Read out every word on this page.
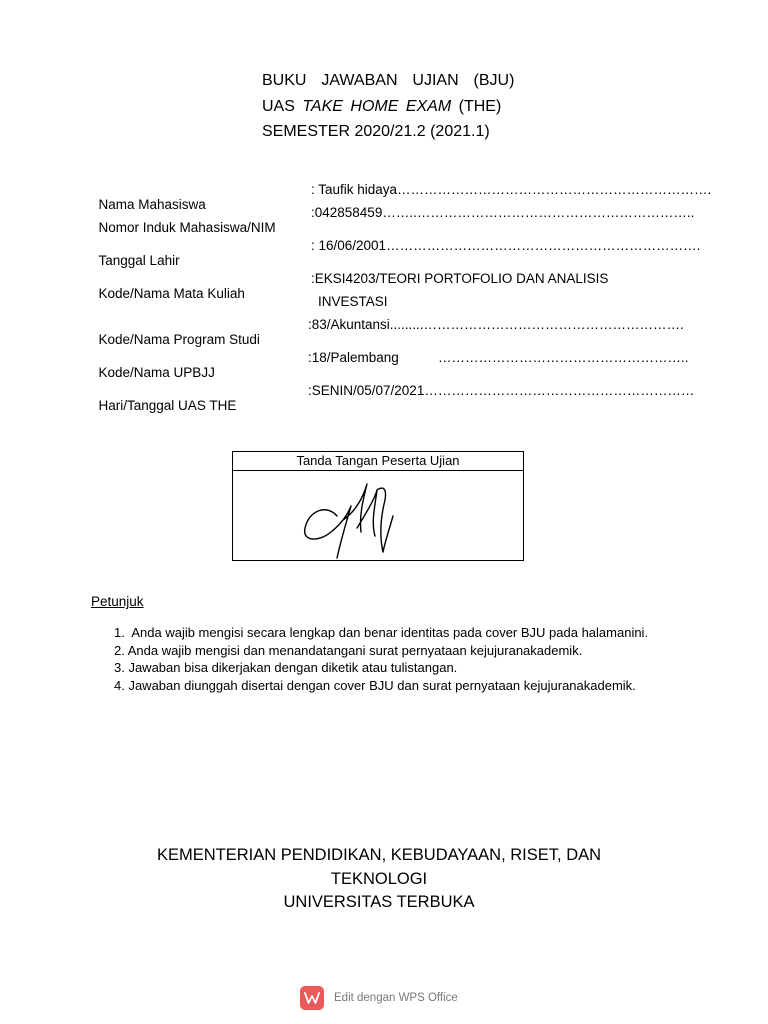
BUKU  JAWABAN  UJIAN  (BJU)
UAS TAKE HOME EXAM (THE)
SEMESTER 2020/21.2 (2021.1)

Nama Mahasiswa

: Taufik hidaya…………………………………………………………….

Nomor Induk Mahasiswa/NIM

:042858459……..……………………………………………………..

Tanggal Lahir

: 16/06/2001…………………………………………………………….

Kode/Nama Mata Kuliah

:EKSI4203/TEORI PORTOFOLIO DAN ANALISIS
INVESTASI

Kode/Nama Program Studi

:83/Akuntansi.........………………………………………………….

Kode/Nama UPBJJ

:18/Palembang	………………………………………………..

Hari/Tanggal UAS THE

:SENIN/05/07/2021……………………………………………………
Tanda Tangan Peserta Ujian
Petunjuk
1.  Anda wajib mengisi secara lengkap dan benar identitas pada cover BJU pada halamanini.
2. Anda wajib mengisi dan menandatangani surat pernyataan kejujuranakademik.
3. Jawaban bisa dikerjakan dengan diketik atau tulistangan.
4. Jawaban diunggah disertai dengan cover BJU dan surat pernyataan kejujuranakademik.
KEMENTERIAN PENDIDIKAN, KEBUDAYAAN, RISET, DAN
TEKNOLOGI
UNIVERSITAS TERBUKA
Edit dengan WPS Office
